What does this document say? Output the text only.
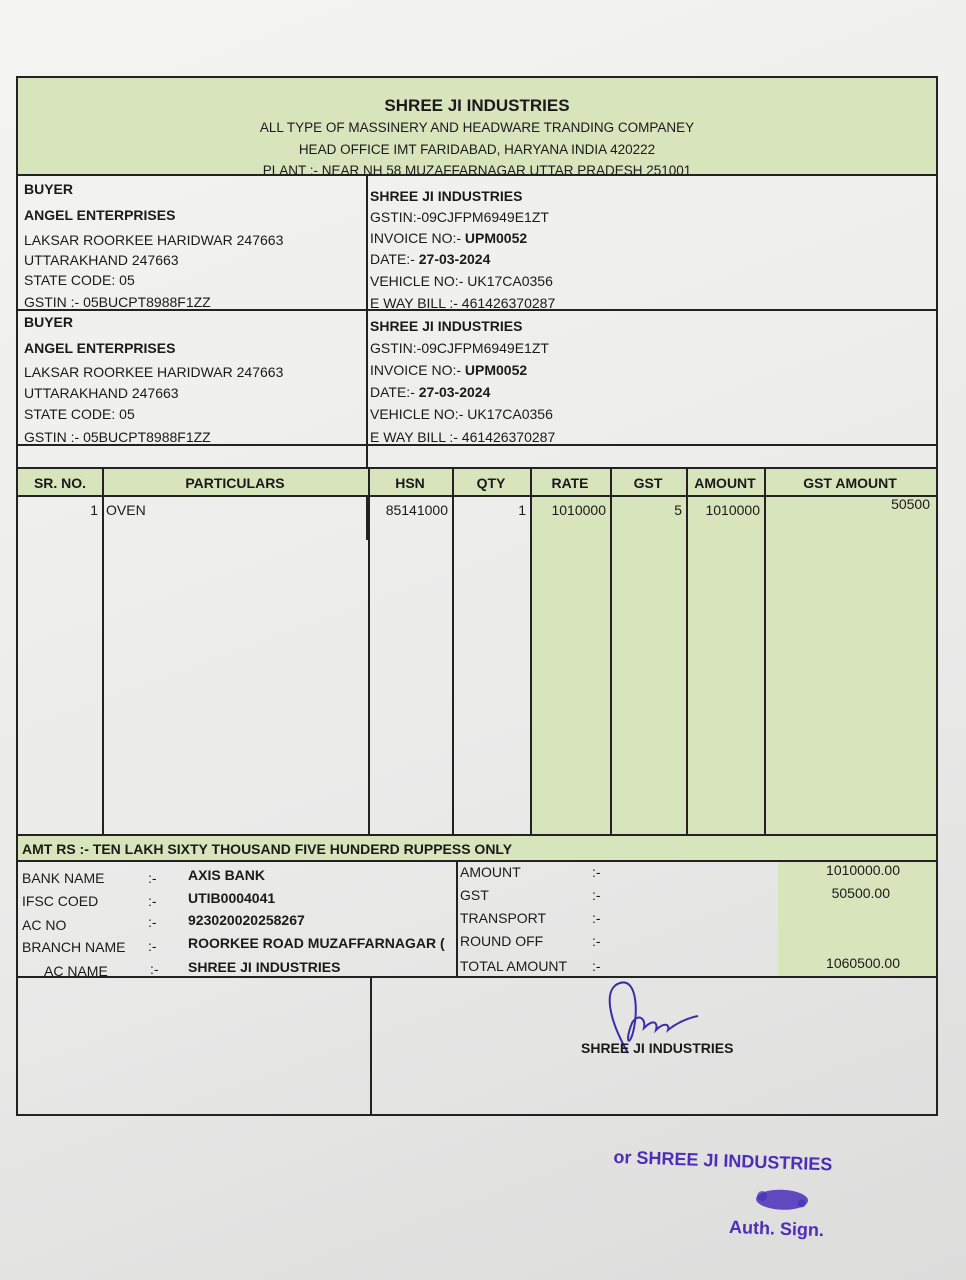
SHREE JI INDUSTRIES
ALL TYPE OF MASSINERY AND HEADWARE TRANDING COMPANEY
HEAD OFFICE IMT FARIDABAD, HARYANA INDIA 420222
PLANT :- NEAR NH 58 MUZAFFARNAGAR UTTAR PRADESH 251001
BUYER
ANGEL ENTERPRISES
LAKSAR ROORKEE HARIDWAR 247663
UTTARAKHAND 247663
STATE CODE: 05
GSTIN :- 05BUCPT8988F1ZZ
SHREE JI INDUSTRIES
GSTIN:-09CJFPM6949E1ZT
INVOICE NO:- UPM0052
DATE:- 27-03-2024
VEHICLE NO:- UK17CA0356
E WAY BILL :- 461426370287
BUYER
ANGEL ENTERPRISES
LAKSAR ROORKEE HARIDWAR 247663
UTTARAKHAND 247663
STATE CODE: 05
GSTIN :- 05BUCPT8988F1ZZ
SHREE JI INDUSTRIES
GSTIN:-09CJFPM6949E1ZT
INVOICE NO:- UPM0052
DATE:- 27-03-2024
VEHICLE NO:- UK17CA0356
E WAY BILL :- 461426370287
SR. NO.	PARTICULARS	HSN	QTY	RATE	GST	AMOUNT	GST AMOUNT
1 OVEN	85141000	1	1010000	5	1010000	50500
AMT RS :- TEN LAKH SIXTY THOUSAND FIVE HUNDERD RUPPESS ONLY
BANK NAME	:- AXIS BANK
IFSC COED	:- UTIB0004041
AC NO	:- 923020020258267
BRANCH NAME :- ROORKEE ROAD MUZAFFARNAGAR (
AC NAME	:- SHREE JI INDUSTRIES
AMOUNT	:-	1010000.00
GST	:-	50500.00
TRANSPORT	:-
ROUND OFF	:-
TOTAL AMOUNT :-	1060500.00
SHREE JI INDUSTRIES
or SHREE JI INDUSTRIES
Auth. Sign.
